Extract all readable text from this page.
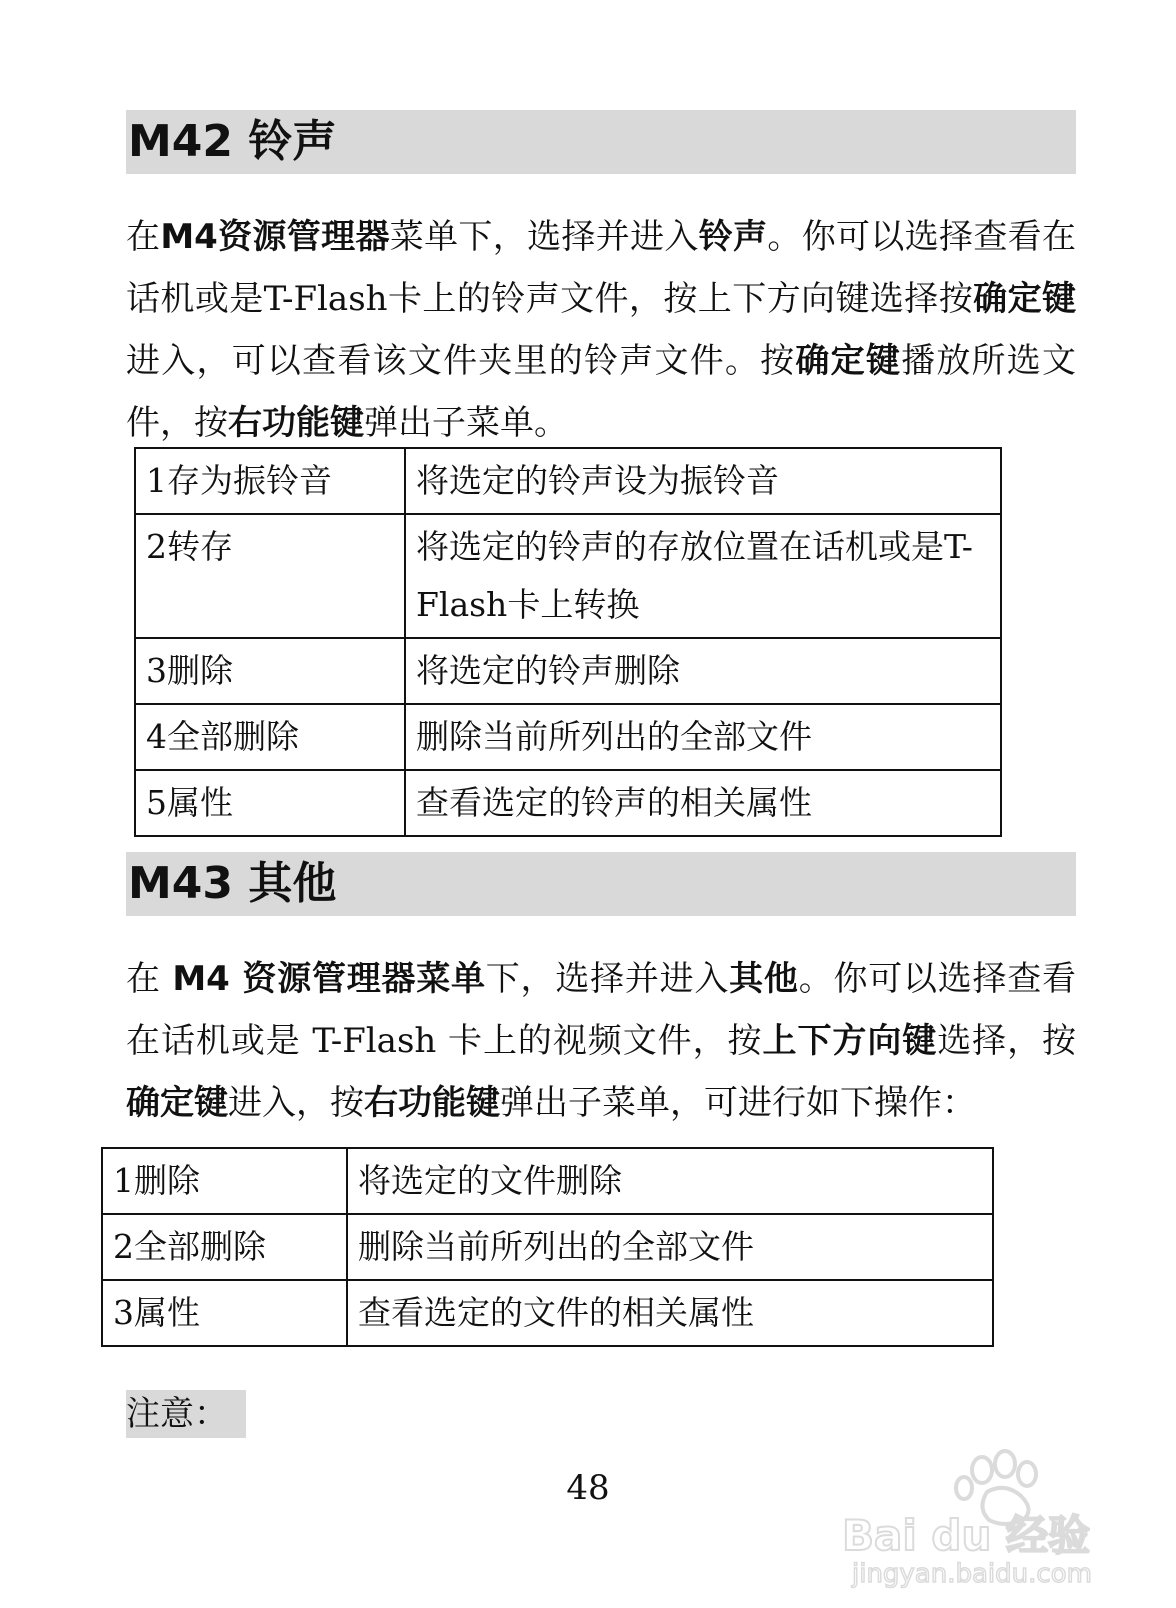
M42 铃声
在M4资源管理器菜单下，选择并进入铃声。你可以选择查看在话机或是T-Flash卡上的铃声文件，按上下方向键选择按确定键进入，可以查看该文件夹里的铃声文件。按确定键播放所选文件，按右功能键弹出子菜单。
1存为振铃音	将选定的铃声设为振铃音
2转存	将选定的铃声的存放位置在话机或是T-Flash卡上转换
3删除	将选定的铃声删除
4全部删除	删除当前所列出的全部文件
5属性	查看选定的铃声的相关属性
M43 其他
在 M4 资源管理器菜单下，选择并进入其他。你可以选择查看在话机或是 T-Flash 卡上的视频文件，按上下方向键选择，按确定键进入，按右功能键弹出子菜单，可进行如下操作：
1删除	将选定的文件删除
2全部删除	删除当前所列出的全部文件
3属性	查看选定的文件的相关属性
注意：
48
Bai du 经验
jingyan.baidu.com
